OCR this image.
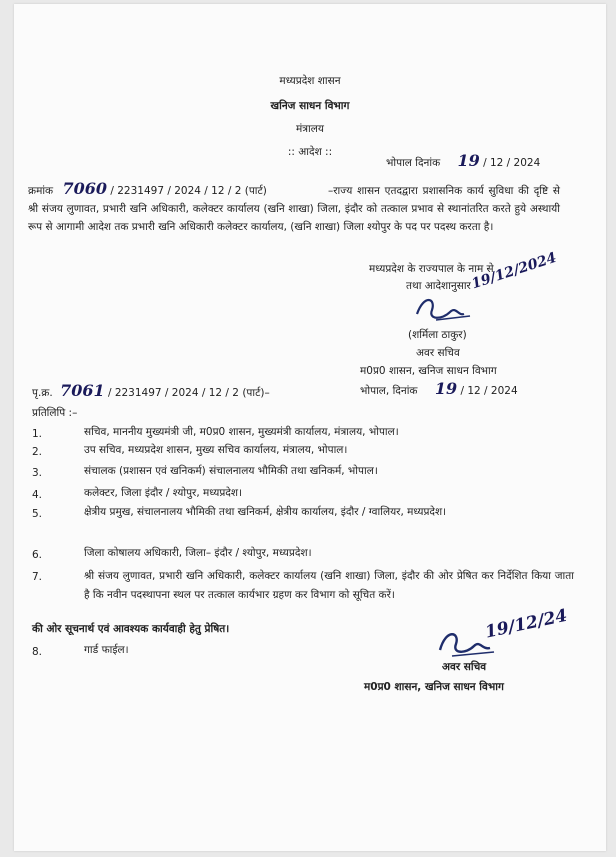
मध्यप्रदेश शासन
खनिज साधन विभाग
मंत्रालय
:: आदेश ::
भोपाल दिनांक 19 / 12 / 2024
क्रमांक 7060 / 2231497 / 2024 / 12 / 2 (पार्ट)	–राज्य शासन एतदद्वारा प्रशासनिक कार्य सुविधा की दृष्टि से श्री संजय लुणावत, प्रभारी खनि अधिकारी, कलेक्टर कार्यालय (खनि शाखा) जिला, इंदौर को तत्काल प्रभाव से स्थानांतरित करते हुये अस्थायी रूप से आगामी आदेश तक प्रभारी खनि अधिकारी कलेक्टर कार्यालय, (खनि शाखा) जिला श्योपुर के पद पर पदस्थ करता है।
मध्यप्रदेश के राज्यपाल के नाम से
तथा आदेशानुसार
19/12/2024
(शर्मिला ठाकुर)
अवर सचिव
म0प्र0 शासन, खनिज साधन विभाग
भोपाल, दिनांक 19 / 12 / 2024
पृ.क्र. 7061 / 2231497 / 2024 / 12 / 2 (पार्ट)–
प्रतिलिपि :–
1.	सचिव, माननीय मुख्यमंत्री जी, म0प्र0 शासन, मुख्यमंत्री कार्यालय, मंत्रालय, भोपाल।
2.	उप सचिव, मध्यप्रदेश शासन, मुख्य सचिव कार्यालय, मंत्रालय, भोपाल।
3.	संचालक (प्रशासन एवं खनिकर्म) संचालनालय भौमिकी तथा खनिकर्म, भोपाल।
4.	कलेक्टर, जिला इंदौर / श्योपुर, मध्यप्रदेश।
5.	क्षेत्रीय प्रमुख, संचालनालय भौमिकी तथा खनिकर्म, क्षेत्रीय कार्यालय, इंदौर / ग्वालियर, मध्यप्रदेश।
6.	जिला कोषालय अधिकारी, जिला– इंदौर / श्योपुर, मध्यप्रदेश।
7.	श्री संजय लुणावत, प्रभारी खनि अधिकारी, कलेक्टर कार्यालय (खनि शाखा) जिला, इंदौर की ओर प्रेषित कर निर्देशित किया जाता है कि नवीन पदस्थापना स्थल पर तत्काल कार्यभार ग्रहण कर विभाग को सूचित करें।
की ओर सूचनार्थ एवं आवश्यक कार्यवाही हेतु प्रेषित।
8.	गार्ड फाईल।
19/12/24
अवर सचिव
म0प्र0 शासन, खनिज साधन विभाग
